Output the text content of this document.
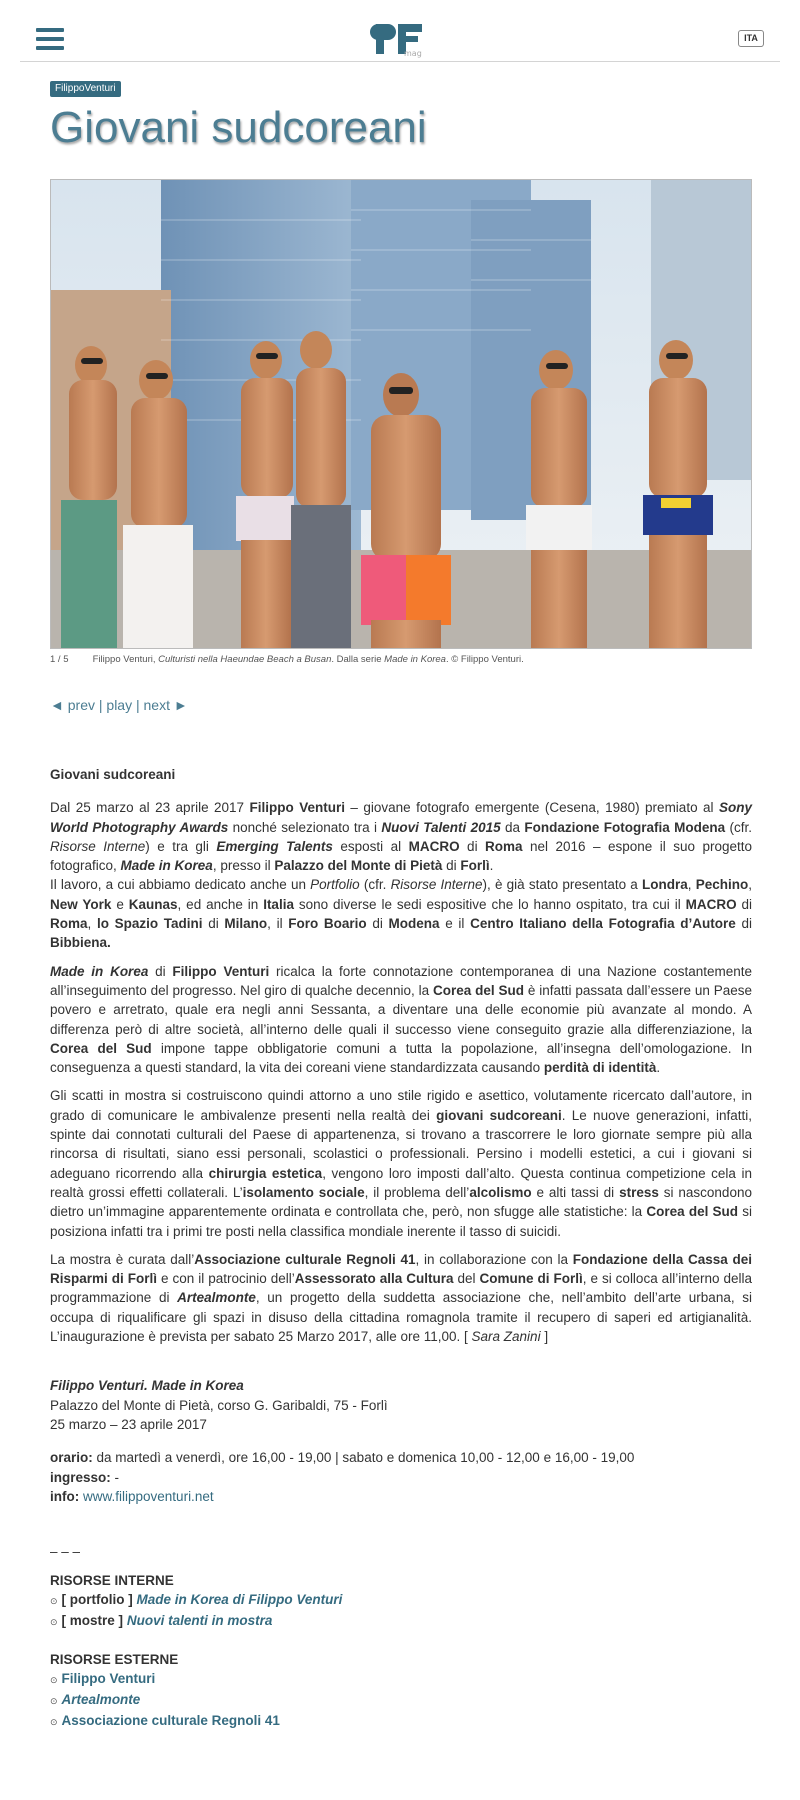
mag
ITA
FilippoVenturi
Giovani sudcoreani
1 / 5	Filippo Venturi, Culturisti nella Haeundae Beach a Busan. Dalla serie Made in Korea. © Filippo Venturi.
◄ prev | play | next ►
Giovani sudcoreani

Dal 25 marzo al 23 aprile 2017 Filippo Venturi – giovane fotografo emergente (Cesena, 1980) premiato al Sony World Photography Awards nonché selezionato tra i Nuovi Talenti 2015 da Fondazione Fotografia Modena (cfr. Risorse Interne) e tra gli Emerging Talents esposti al MACRO di Roma nel 2016 – espone il suo progetto fotografico, Made in Korea, presso il Palazzo del Monte di Pietà di Forlì.

Il lavoro, a cui abbiamo dedicato anche un Portfolio (cfr. Risorse Interne), è già stato presentato a Londra, Pechino, New York e Kaunas, ed anche in Italia sono diverse le sedi espositive che lo hanno ospitato, tra cui il MACRO di Roma, lo Spazio Tadini di Milano, il Foro Boario di Modena e il Centro Italiano della Fotografia d’Autore di Bibbiena.

Made in Korea di Filippo Venturi ricalca la forte connotazione contemporanea di una Nazione costantemente all’inseguimento del progresso. Nel giro di qualche decennio, la Corea del Sud è infatti passata dall’essere un Paese povero e arretrato, quale era negli anni Sessanta, a diventare una delle economie più avanzate al mondo. A differenza però di altre società, all’interno delle quali il successo viene conseguito grazie alla differenziazione, la Corea del Sud impone tappe obbligatorie comuni a tutta la popolazione, all’insegna dell’omologazione. In conseguenza a questi standard, la vita dei coreani viene standardizzata causando perdità di identità.

Gli scatti in mostra si costruiscono quindi attorno a uno stile rigido e asettico, volutamente ricercato dall’autore, in grado di comunicare le ambivalenze presenti nella realtà dei giovani sudcoreani. Le nuove generazioni, infatti, spinte dai connotati culturali del Paese di appartenenza, si trovano a trascorrere le loro giornate sempre più alla rincorsa di risultati, siano essi personali, scolastici o professionali. Persino i modelli estetici, a cui i giovani si adeguano ricorrendo alla chirurgia estetica, vengono loro imposti dall’alto. Questa continua competizione cela in realtà grossi effetti collaterali. L’isolamento sociale, il problema dell’alcolismo e alti tassi di stress si nascondono dietro un’immagine apparentemente ordinata e controllata che, però, non sfugge alle statistiche: la Corea del Sud si posiziona infatti tra i primi tre posti nella classifica mondiale inerente il tasso di suicidi.

La mostra è curata dall’Associazione culturale Regnoli 41, in collaborazione con la Fondazione della Cassa dei Risparmi di Forlì e con il patrocinio dell’Assessorato alla Cultura del Comune di Forlì, e si colloca all’interno della programmazione di Artealmonte, un progetto della suddetta associazione che, nell’ambito dell’arte urbana, si occupa di riqualificare gli spazi in disuso della cittadina romagnola tramite il recupero di saperi ed artigianalità. L’inaugurazione è prevista per sabato 25 Marzo 2017, alle ore 11,00. [ Sara Zanini ]

Filippo Venturi. Made in Korea
Palazzo del Monte di Pietà, corso G. Garibaldi, 75 - Forlì
25 marzo – 23 aprile 2017
orario: da martedì a venerdì, ore 16,00 - 19,00 | sabato e domenica 10,00 - 12,00 e 16,00 - 19,00
ingresso: -
info: www.filippoventuri.net
– – –
RISORSE INTERNE
⊙ [ portfolio ] Made in Korea di Filippo Venturi
⊙ [ mostre ] Nuovi talenti in mostra
RISORSE ESTERNE
⊙ Filippo Venturi
⊙ Artealmonte
⊙ Associazione culturale Regnoli 41
